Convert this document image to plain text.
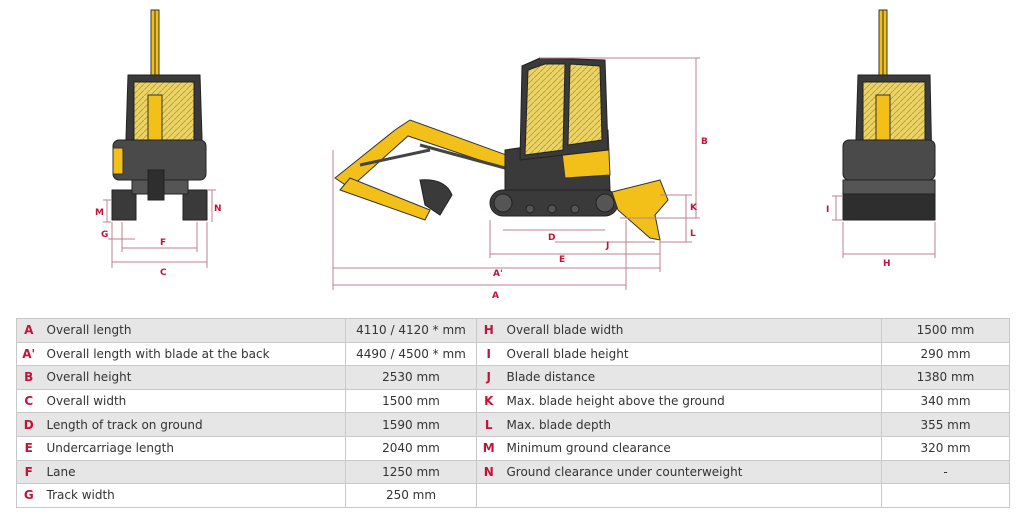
M	N
G
F
C
B
K
L
D
J
E
A'
A
I
H
A	Overall length	4110 / 4120 * mm	H	Overall blade width	1500 mm
A'	Overall length with blade at the back	4490 / 4500 * mm	I	Overall blade height	290 mm
B	Overall height	2530 mm	J	Blade distance	1380 mm
C	Overall width	1500 mm	K	Max. blade height above the ground	340 mm
D	Length of track on ground	1590 mm	L	Max. blade depth	355 mm
E	Undercarriage length	2040 mm	M	Minimum ground clearance	320 mm
F	Lane	1250 mm	N	Ground clearance under counterweight	-
G	Track width	250 mm			
